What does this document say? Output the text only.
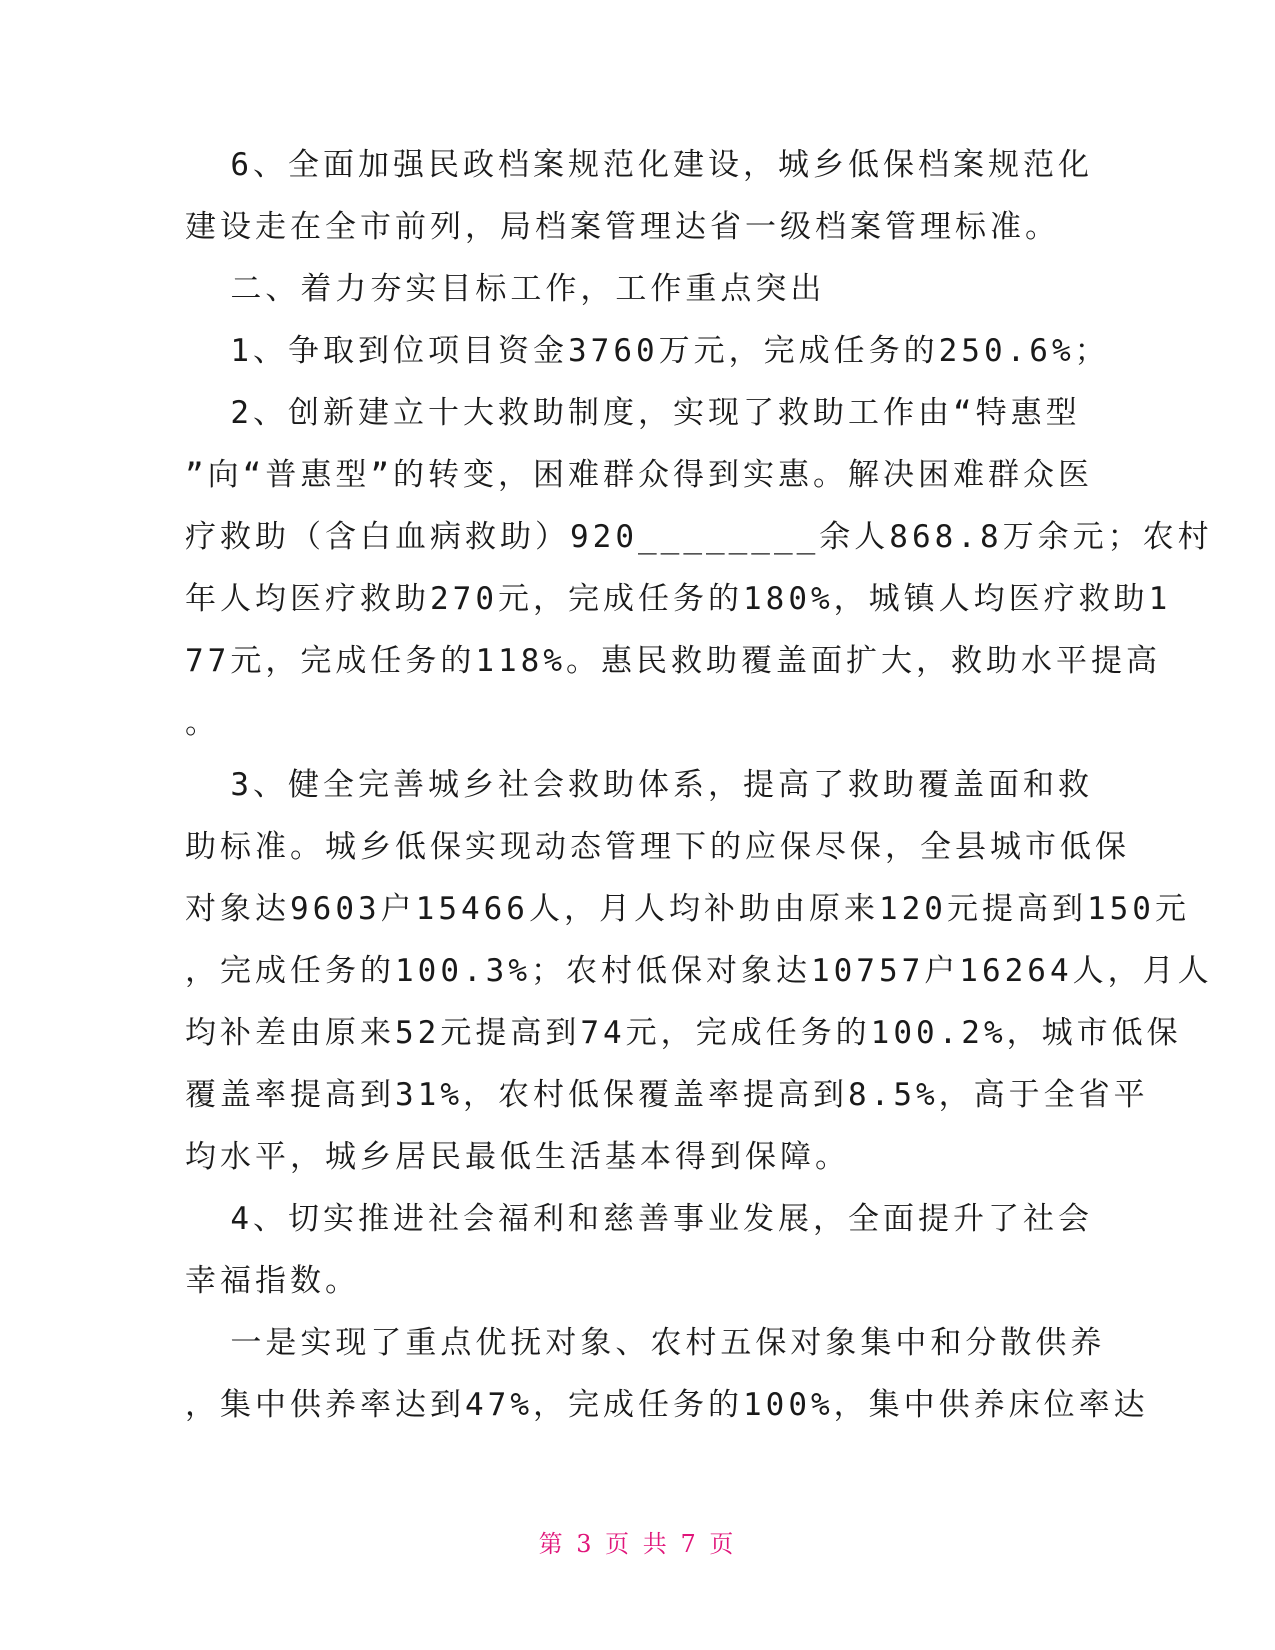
6、全面加强民政档案规范化建设，城乡低保档案规范化
建设走在全市前列，局档案管理达省一级档案管理标准。
二、着力夯实目标工作，工作重点突出
1、争取到位项目资金3760万元，完成任务的250.6%；
2、创新建立十大救助制度，实现了救助工作由“特惠型
”向“普惠型”的转变，困难群众得到实惠。解决困难群众医
疗救助（含白血病救助）920________余人868.8万余元；农村
年人均医疗救助270元，完成任务的180%，城镇人均医疗救助1
77元，完成任务的118%。惠民救助覆盖面扩大，救助水平提高
。
3、健全完善城乡社会救助体系，提高了救助覆盖面和救
助标准。城乡低保实现动态管理下的应保尽保，全县城市低保
对象达9603户15466人，月人均补助由原来120元提高到150元
，完成任务的100.3%；农村低保对象达10757户16264人，月人
均补差由原来52元提高到74元，完成任务的100.2%，城市低保
覆盖率提高到31%，农村低保覆盖率提高到8.5%，高于全省平
均水平，城乡居民最低生活基本得到保障。
4、切实推进社会福利和慈善事业发展，全面提升了社会
幸福指数。
一是实现了重点优抚对象、农村五保对象集中和分散供养
，集中供养率达到47%，完成任务的100%，集中供养床位率达
第 3 页 共 7 页
